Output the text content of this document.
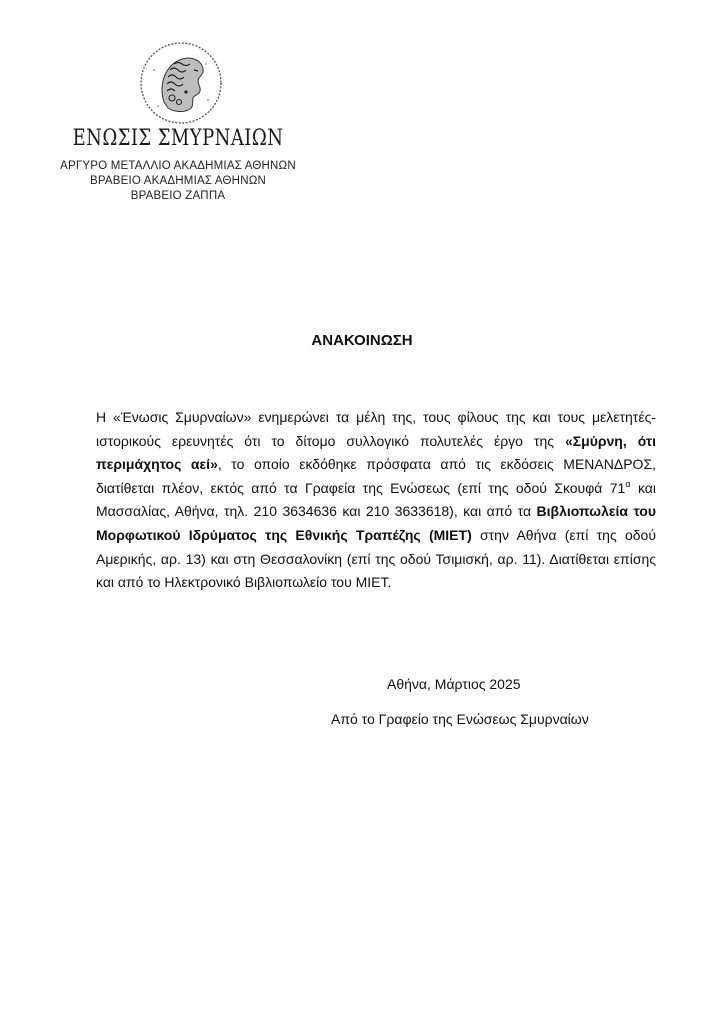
ΕΝΩΣΙΣ ΣΜΥΡΝΑΙΩΝ
ΑΡΓΥΡΟ ΜΕΤΑΛΛΙΟ ΑΚΑΔΗΜΙΑΣ ΑΘΗΝΩΝ
ΒΡΑΒΕΙΟ ΑΚΑΔΗΜΙΑΣ ΑΘΗΝΩΝ
ΒΡΑΒΕΙΟ ΖΑΠΠΑ
ΑΝΑΚΟΙΝΩΣΗ
Η «Ένωσις Σμυρναίων» ενημερώνει τα μέλη της, τους φίλους της και τους μελετητές-ιστορικούς ερευνητές ότι το δίτομο συλλογικό πολυτελές έργο της «Σμύρνη, ότι περιμάχητος αεί», το οποίο εκδόθηκε πρόσφατα από τις εκδόσεις ΜΕΝΑΝΔΡΟΣ, διατίθεται πλέον, εκτός από τα Γραφεία της Ενώσεως (επί της οδού Σκουφά $71^\alpha$ και Μασσαλίας, Αθήνα, τηλ. 210 3634636 και 210 3633618), και από τα Βιβλιοπωλεία του Μορφωτικού Ιδρύματος της Εθνικής Τραπέζης (ΜΙΕΤ) στην Αθήνα (επί της οδού Αμερικής, αρ. 13) και στη Θεσσαλονίκη (επί της οδού Τσιμισκή, αρ. 11). Διατίθεται επίσης και από το Ηλεκτρονικό Βιβλιοπωλείο του ΜΙΕΤ.
Αθήνα, Μάρτιος 2025
Από το Γραφείο της Ενώσεως Σμυρναίων
